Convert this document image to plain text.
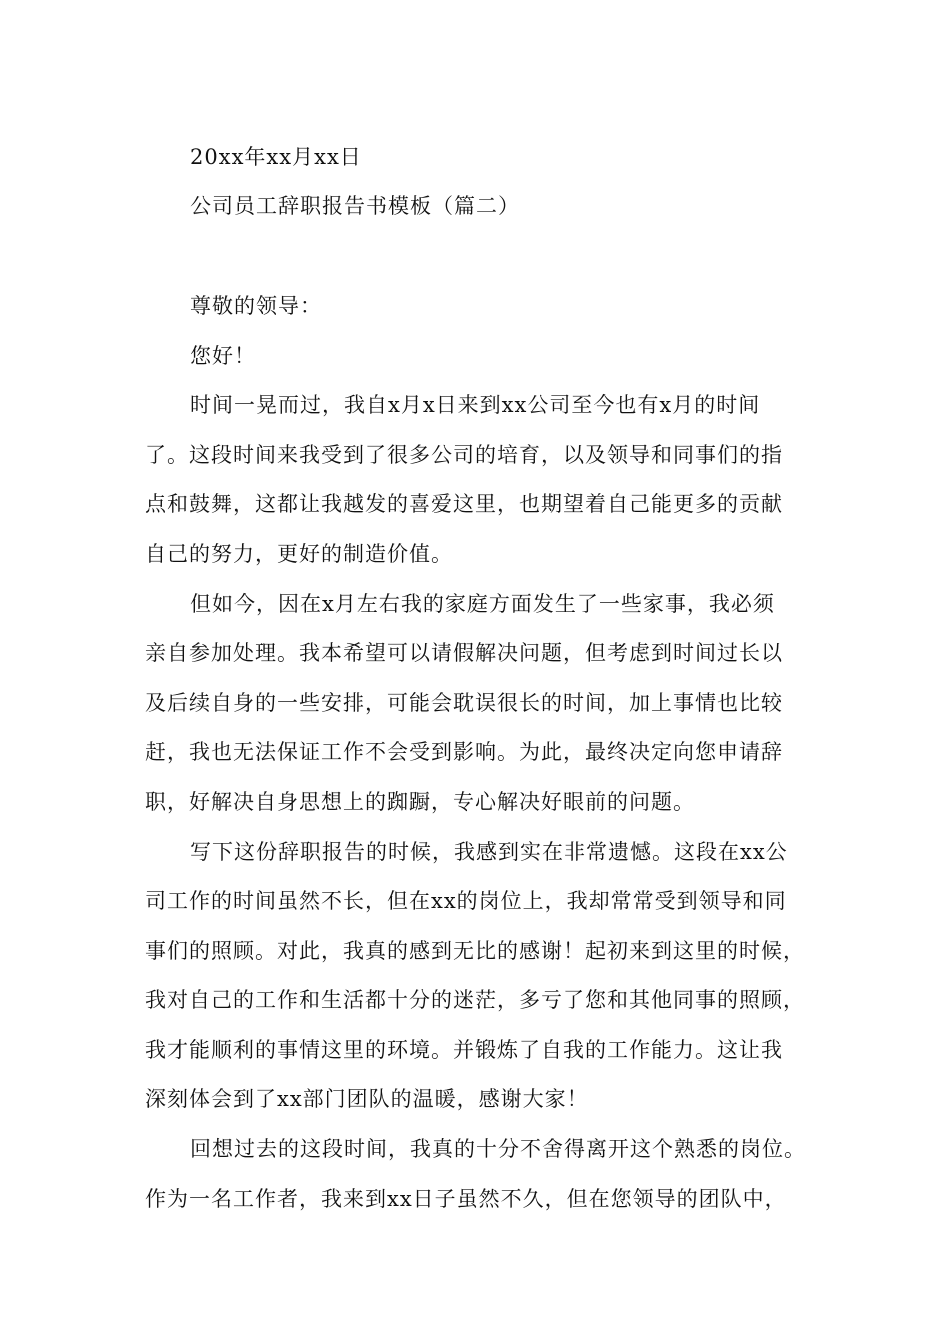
20xx年xx月xx日
公司员工辞职报告书模板（篇二）
尊敬的领导：
您好！
时间一晃而过，我自x月x日来到xx公司至今也有x月的时间
了。这段时间来我受到了很多公司的培育，以及领导和同事们的指
点和鼓舞，这都让我越发的喜爱这里，也期望着自己能更多的贡献
自己的努力，更好的制造价值。
但如今，因在x月左右我的家庭方面发生了一些家事，我必须
亲自参加处理。我本希望可以请假解决问题，但考虑到时间过长以
及后续自身的一些安排，可能会耽误很长的时间，加上事情也比较
赶，我也无法保证工作不会受到影响。为此，最终决定向您申请辞
职，好解决自身思想上的踟蹰，专心解决好眼前的问题。
写下这份辞职报告的时候，我感到实在非常遗憾。这段在xx公
司工作的时间虽然不长，但在xx的岗位上，我却常常受到领导和同
事们的照顾。对此，我真的感到无比的感谢！起初来到这里的时候，
我对自己的工作和生活都十分的迷茫，多亏了您和其他同事的照顾，
我才能顺利的事情这里的环境。并锻炼了自我的工作能力。这让我
深刻体会到了xx部门团队的温暖，感谢大家！
回想过去的这段时间，我真的十分不舍得离开这个熟悉的岗位。
作为一名工作者，我来到xx日子虽然不久，但在您领导的团队中，
